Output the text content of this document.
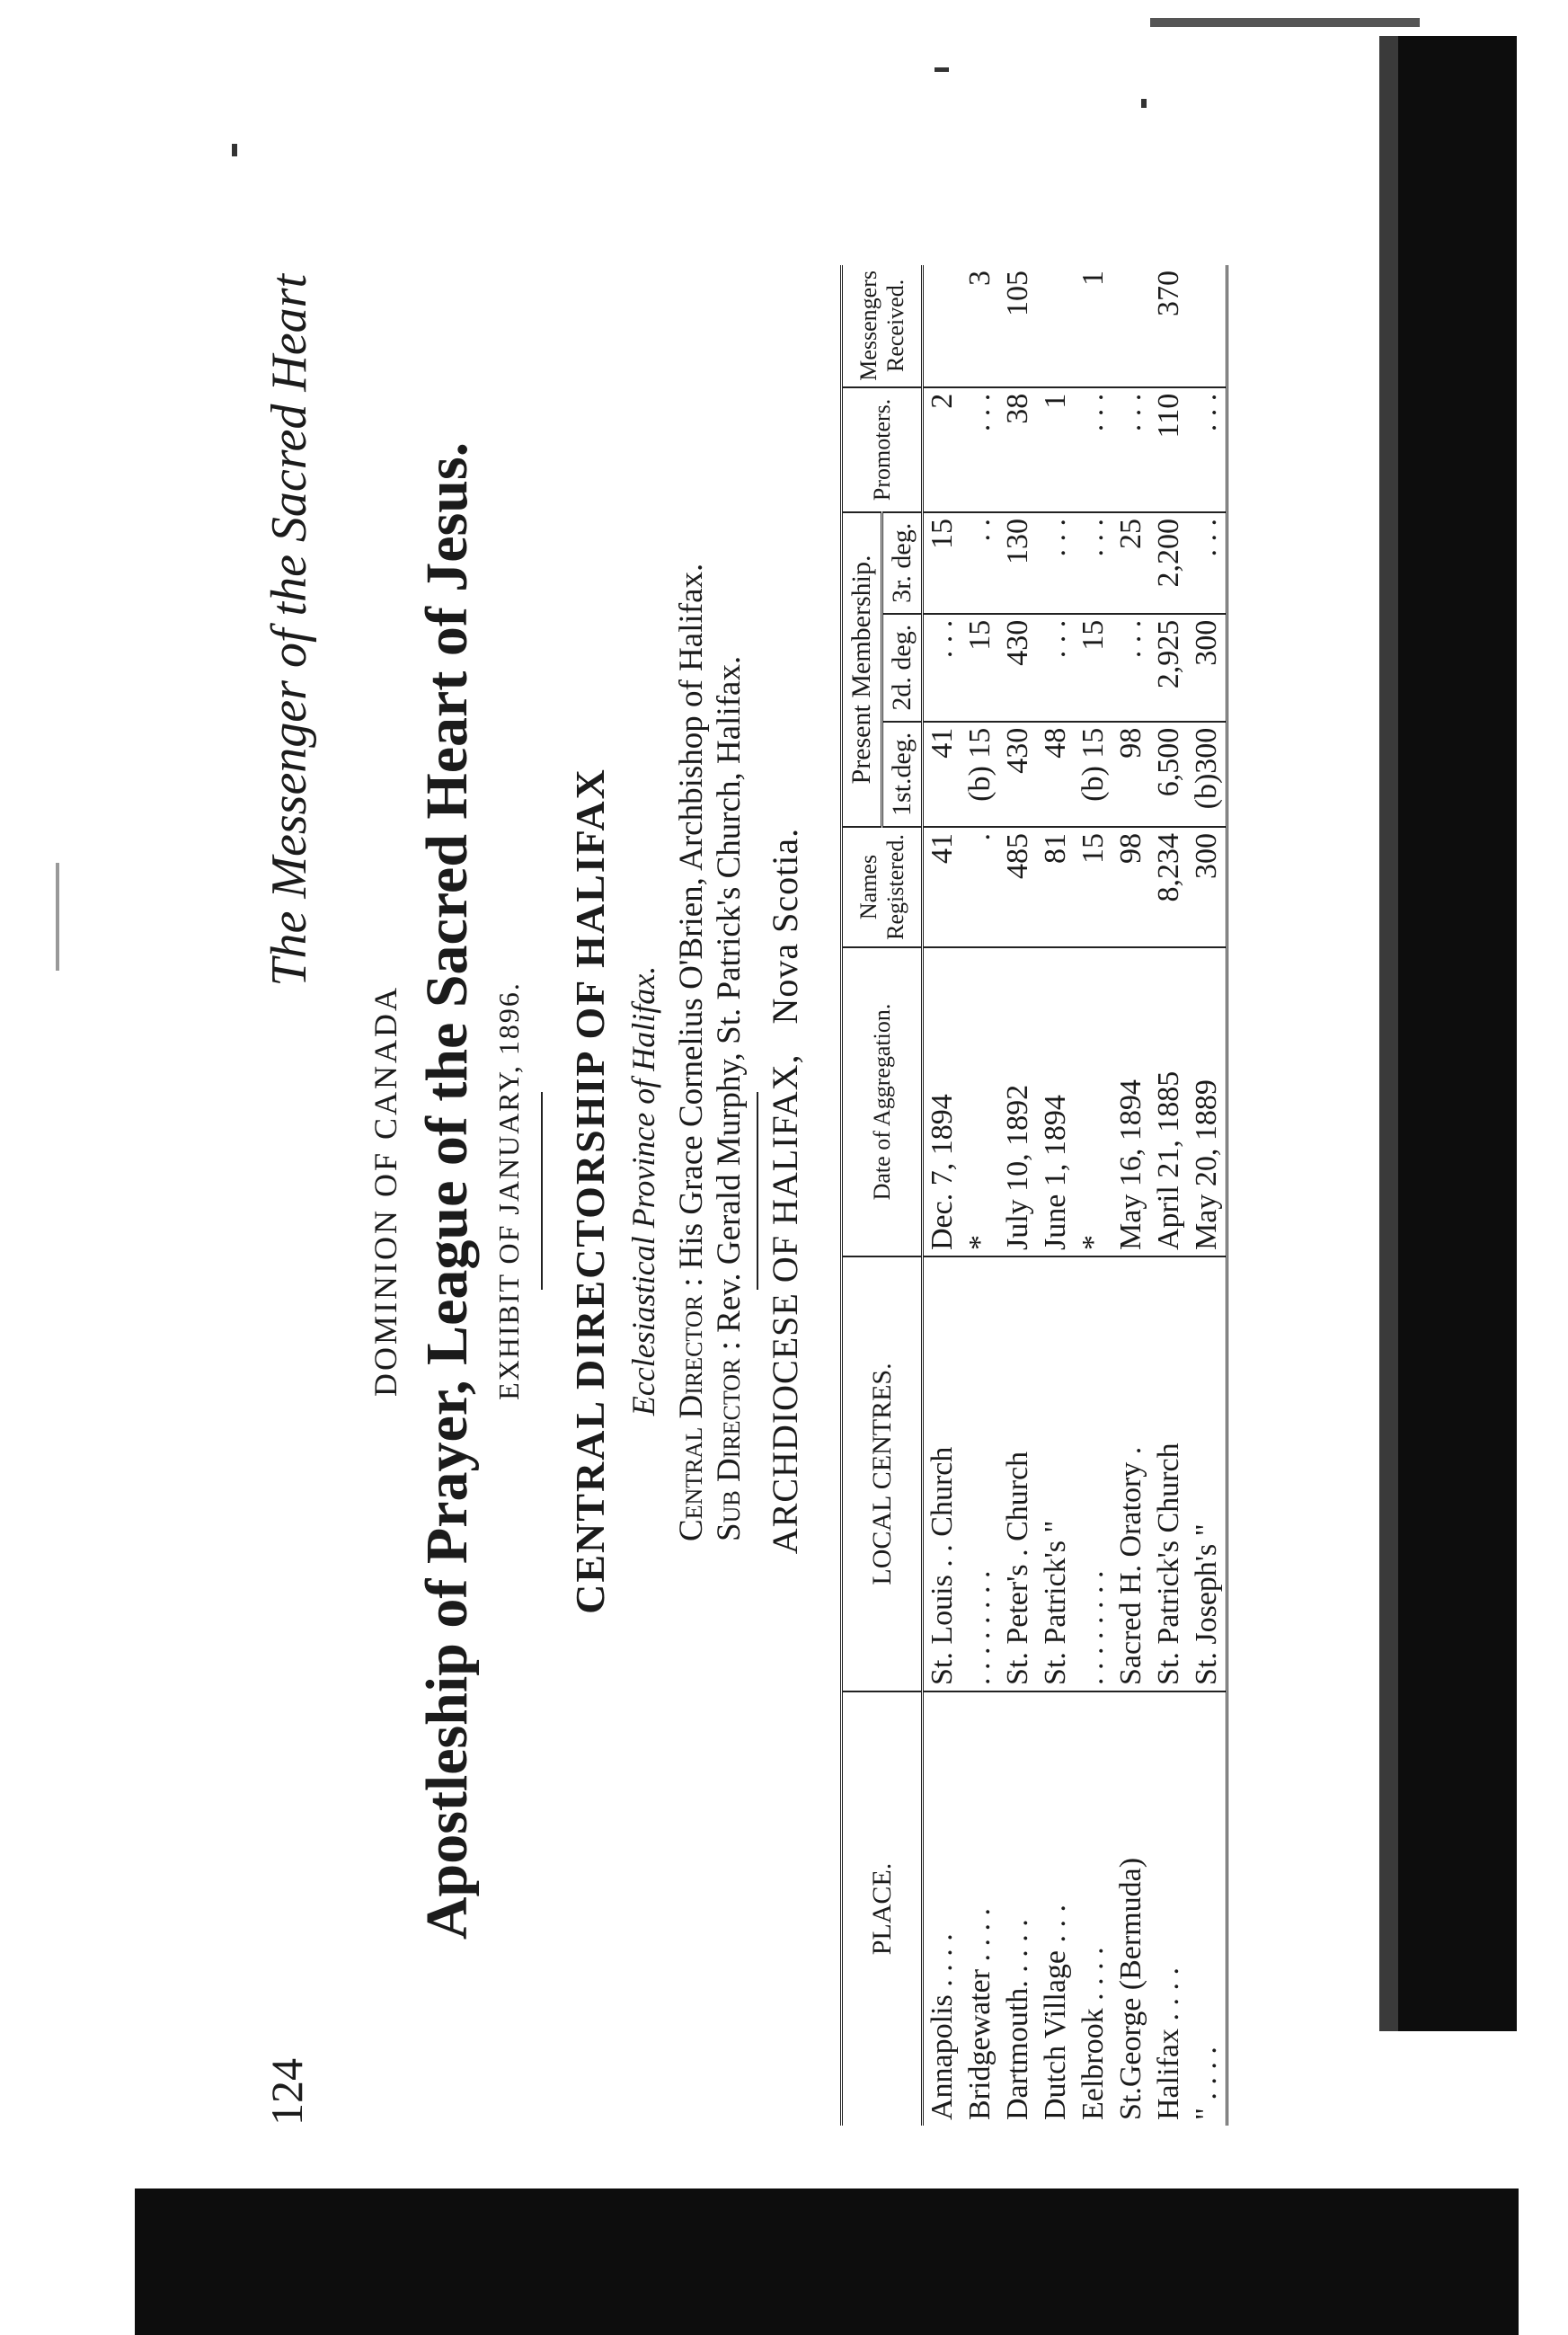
124
The Messenger of the Sacred Heart
DOMINION OF CANADA Apostleship of Prayer, League of the Sacred Heart of Jesus. EXHIBIT OF JANUARY, 1896. CENTRAL DIRECTORSHIP OF HALIFAX Ecclesiastical Province of Halifax. Central Director : His Grace Cornelius O'Brien, Archbishop of Halifax.
Sub Director : Rev. Gerald Murphy, St. Patrick's Church, Halifax. ARCHDIOCESE OF HALIFAX,   Nova Scotia.
PLACE.	LOCAL CENTRES.	Date of Aggregation.	Names Registered.	Present Membership.			Promoters.	Messengers Received.
				1st.deg.	2d. deg.	3r. deg.		
Annapolis . . . .	St. Louis . . Church	Dec. 7, 1894	41	41	. . .	15	2	
Bridgewater . . . .	. . . . . . . .	*	.	(b) 15	15	. .	. . .	3
Dartmouth. . . . .	St. Peter's . Church	July 10, 1892	485	430	430	130	38	105
Dutch Village . . .	St. Patrick's "	June 1, 1894	81	48	. . .	. . .	1	
Eelbrook . . . .	. . . . . . . .	*	15	(b) 15	15	. . .	. . .	1
St.George (Bermuda)	Sacred H. Oratory .	May 16, 1894	98	98	. . .	25	. . .	
Halifax . . . .	St. Patrick's Church	April 21, 1885	8,234	6,500	2,925	2,200	110	370
" . . . .	St. Joseph's "	May 20, 1889	300	(b)300	300	. . .	. . .	
